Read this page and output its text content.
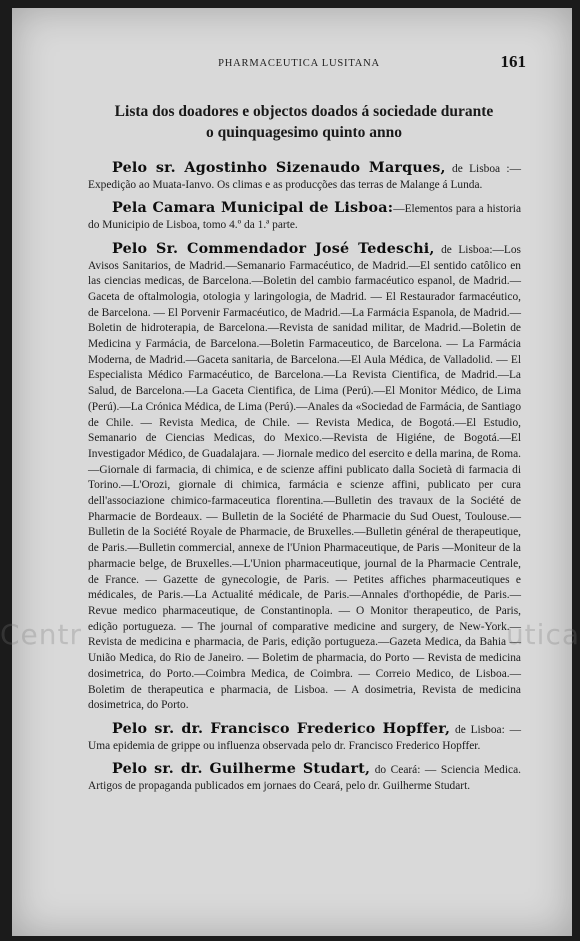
PHARMACEUTICA LUSITANA	161
Lista dos doadores e objectos doados á sociedade durante
o quinquagesimo quinto anno

Pelo sr. Agostinho Sizenaudo Marques, de Lisboa :—Expedição ao Muata-Ianvo. Os climas e as producções das terras de Malange á Lunda.

Pela Camara Municipal de Lisboa:—Elementos para a historia do Municipio de Lisboa, tomo 4.º da 1.ª parte.

Pelo Sr. Commendador José Tedeschi, de Lisboa:—Los Avisos Sanitarios, de Madrid.—Semanario Farmacéutico, de Madrid.—El sentido catôlico en las ciencias medicas, de Barcelona.—Boletin del cambio farmacéutico espanol, de Madrid.—Gaceta de oftalmologia, otologia y laringologia, de Madrid. — El Restaurador farmacéutico, de Barcelona. — El Porvenir Farmacéutico, de Madrid.—La Farmácia Espanola, de Madrid.—Boletin de hidroterapia, de Barcelona.—Revista de sanidad militar, de Madrid.—Boletin de Medicina y Farmácia, de Barcelona.—Boletin Farmaceutico, de Barcelona. — La Farmácia Moderna, de Madrid.—Gaceta sanitaria, de Barcelona.—El Aula Médica, de Valladolid. — El Especialista Médico Farmacéutico, de Barcelona.—La Revista Cientifica, de Madrid.—La Salud, de Barcelona.—La Gaceta Cientifica, de Lima (Perú).—El Monitor Médico, de Lima (Perú).—La Crónica Médica, de Lima (Perú).—Anales da «Sociedad de Farmácia, de Santiago de Chile. — Revista Medica, de Chile. — Revista Medica, de Bogotá.—El Estudio, Semanario de Ciencias Medicas, do Mexico.—Revista de Higiéne, de Bogotá.—El Investigador Médico, de Guadalajara. — Jiornale medico del esercito e della marina, de Roma.—Giornale di farmacia, di chimica, e de scienze affini publicato dalla Società di farmacia di Torino.—L'Orozi, giornale di chimica, farmácia e scienze affini, publicato per cura dell'associazione chimico-farmaceutica florentina.—Bulletin des travaux de la Société de Pharmacie de Bordeaux. — Bulletin de la Société de Pharmacie du Sud Ouest, Toulouse.—Bulletin de la Société Royale de Pharmacie, de Bruxelles.—Bulletin général de therapeutique, de Paris.—Bulletin commercial, annexe de l'Union Pharmaceutique, de Paris —Moniteur de la pharmacie belge, de Bruxelles.—L'Union pharmaceutique, journal de la Pharmacie Centrale, de France. — Gazette de gynecologie, de Paris. — Petites affiches pharmaceutiques e médicales, de Paris.—La Actualité médicale, de Paris.—Annales d'orthopédie, de Paris.—Revue medico pharmaceutique, de Constantinopla. — O Monitor therapeutico, de Paris, edição portugueza. — The journal of comparative medicine and surgery, de New-York.—Revista de medicina e pharmacia, de Paris, edição portugueza.—Gazeta Medica, da Bahia — União Medica, do Rio de Janeiro. — Boletim de pharmacia, do Porto — Revista de medicina dosimetrica, do Porto.—Coimbra Medica, de Coimbra. — Correio Medico, de Lisboa.—Boletim de therapeutica e pharmacia, de Lisboa. — A dosimetria, Revista de medicina dosimetrica, do Porto.

Pelo sr. dr. Francisco Frederico Hopffer, de Lisboa: — Uma epidemia de grippe ou influenza observada pelo dr. Francisco Frederico Hopffer.

Pelo sr. dr. Guilherme Studart, do Ceará: — Sciencia Medica. Artigos de propaganda publicados em jornaes do Ceará, pelo dr. Guilherme Studart.

Centr	utica
